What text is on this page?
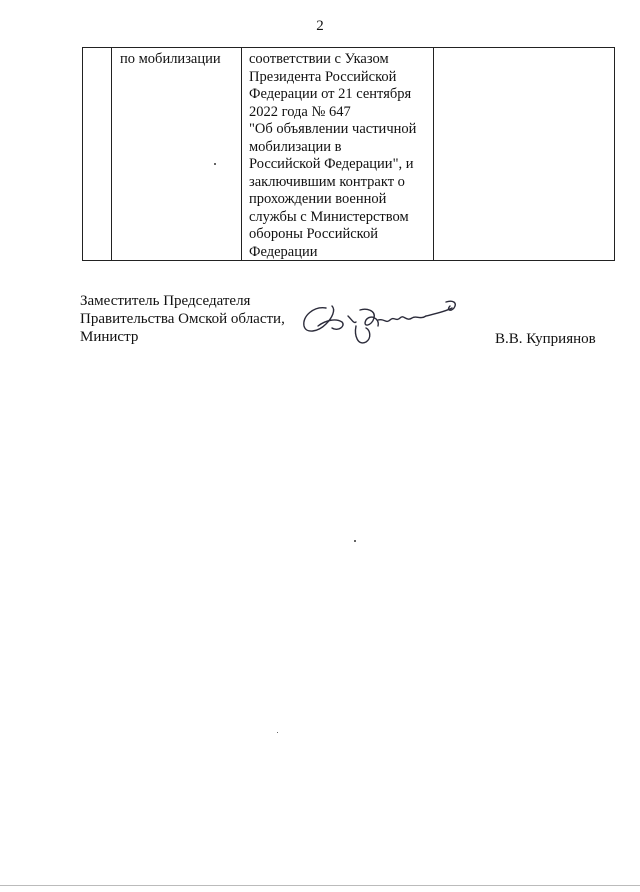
2
по мобилизации	соответствии с Указом
Президента Российской
Федерации от 21 сентября
2022 года № 647
"Об объявлении частичной
мобилизации в
Российской Федерации", и
заключившим контракт о
прохождении военной
службы с Министерством
обороны Российской
Федерации
Заместитель Председателя
Правительства Омской области,
Министр	В.В. Куприянов
